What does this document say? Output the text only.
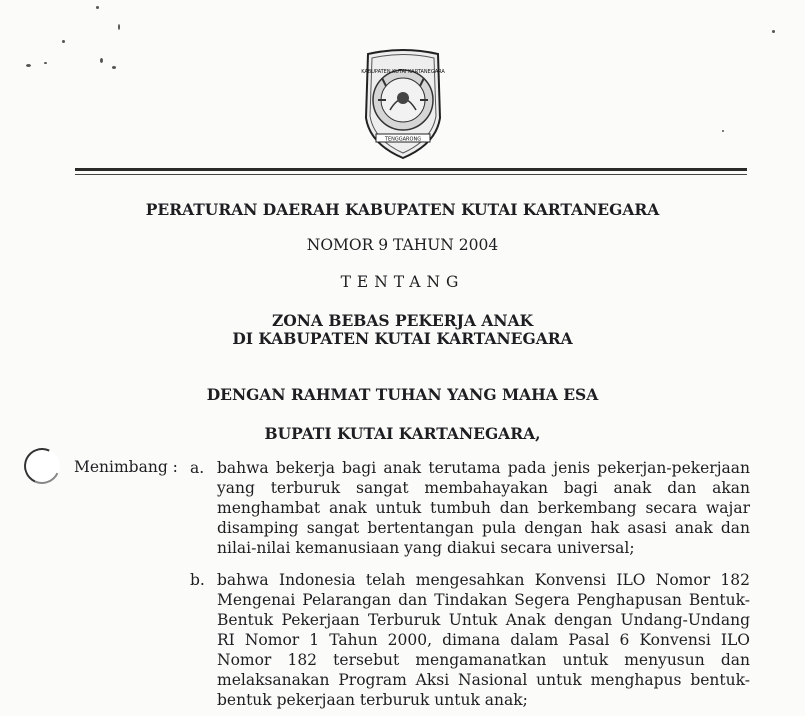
KABUPATEN KUTAI KARTANEGARA
TENGGARONG
PERATURAN DAERAH KABUPATEN KUTAI KARTANEGARA
NOMOR 9 TAHUN 2004
TENTANG
ZONA BEBAS PEKERJA ANAK
DI KABUPATEN KUTAI KARTANEGARA
DENGAN RAHMAT TUHAN YANG MAHA ESA
BUPATI KUTAI KARTANEGARA,
Menimbang : a. bahwa bekerja bagi anak terutama pada jenis pekerjan-pekerjaan
yang terburuk sangat membahayakan bagi anak dan akan
menghambat anak untuk tumbuh dan berkembang secara wajar
disamping sangat bertentangan pula dengan hak asasi anak dan
nilai-nilai kemanusiaan yang diakui secara universal;
b. bahwa Indonesia telah mengesahkan Konvensi ILO Nomor 182
Mengenai Pelarangan dan Tindakan Segera Penghapusan Bentuk-
Bentuk Pekerjaan Terburuk Untuk Anak dengan Undang-Undang
RI Nomor 1 Tahun 2000, dimana dalam Pasal 6 Konvensi ILO
Nomor 182 tersebut mengamanatkan untuk menyusun dan
melaksanakan Program Aksi Nasional untuk menghapus bentuk-
bentuk pekerjaan terburuk untuk anak;
